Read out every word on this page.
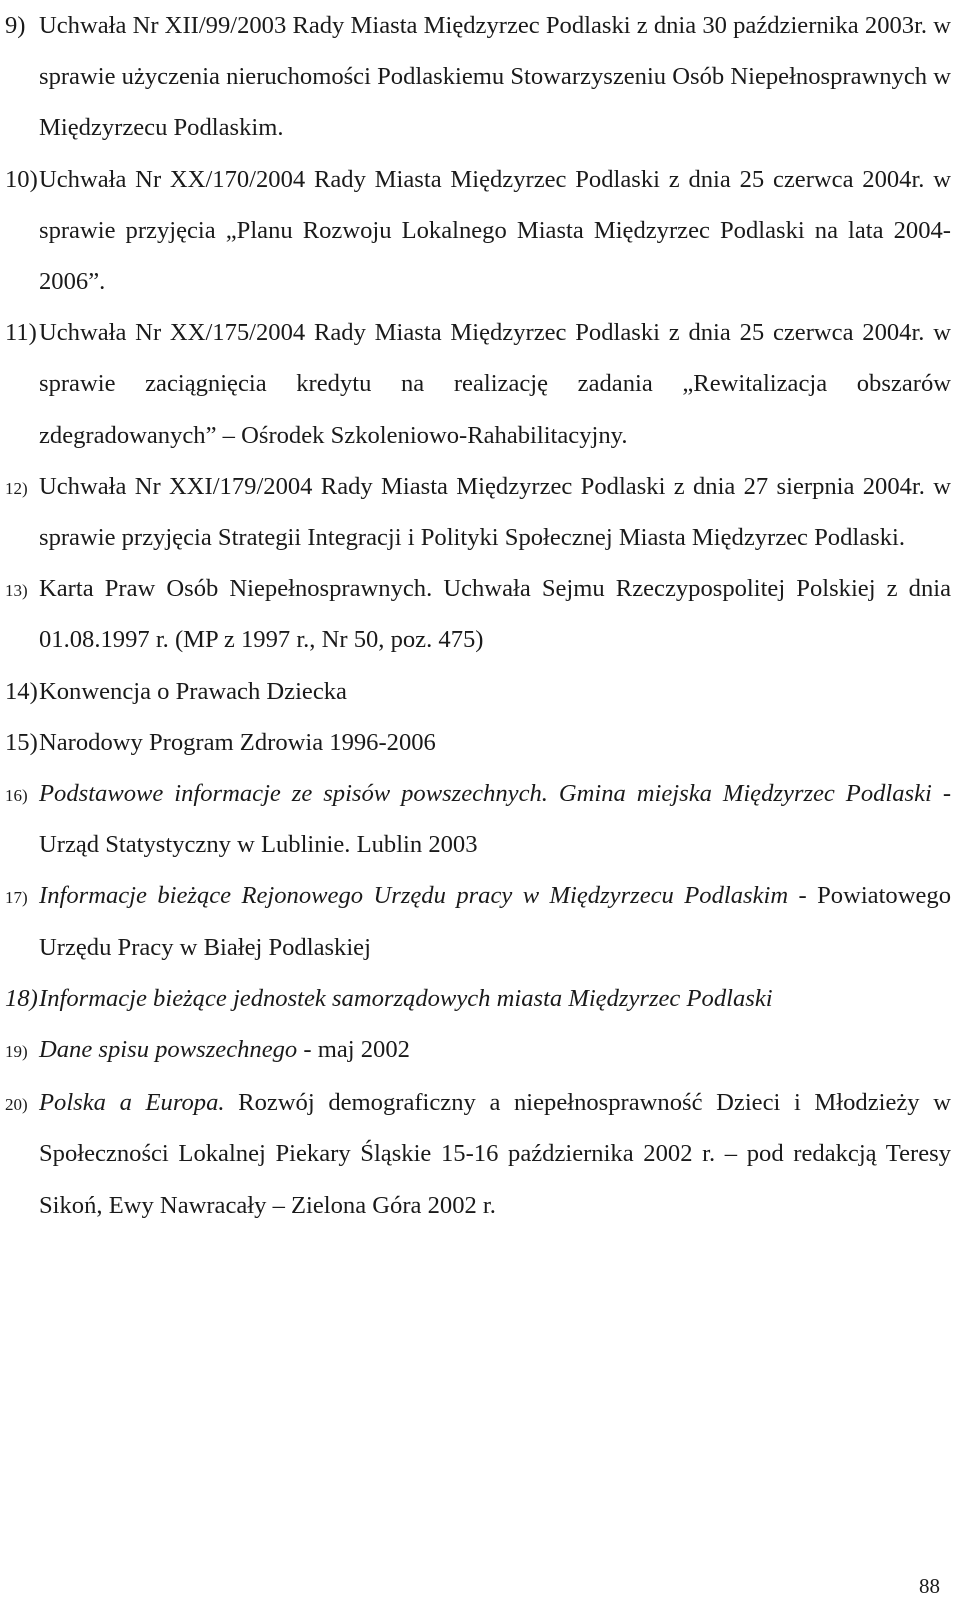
9) Uchwała Nr XII/99/2003 Rady Miasta Międzyrzec Podlaski z dnia 30 października 2003r. w sprawie użyczenia nieruchomości Podlaskiemu Stowarzyszeniu Osób Niepełnosprawnych w Międzyrzecu Podlaskim.
10) Uchwała Nr XX/170/2004 Rady Miasta Międzyrzec Podlaski z dnia 25 czerwca 2004r. w sprawie przyjęcia „Planu Rozwoju Lokalnego Miasta Międzyrzec Podlaski na lata 2004-2006”.
11) Uchwała Nr XX/175/2004 Rady Miasta Międzyrzec Podlaski z dnia 25 czerwca 2004r. w sprawie zaciągnięcia kredytu na realizację zadania „Rewitalizacja obszarów zdegradowanych” – Ośrodek Szkoleniowo-Rahabilitacyjny.
12) Uchwała Nr XXI/179/2004 Rady Miasta Międzyrzec Podlaski z dnia 27 sierpnia 2004r. w sprawie przyjęcia Strategii Integracji i Polityki Społecznej Miasta Międzyrzec Podlaski.
13) Karta Praw Osób Niepełnosprawnych. Uchwała Sejmu Rzeczypospolitej Polskiej z dnia 01.08.1997 r. (MP z 1997 r., Nr 50, poz. 475)
14) Konwencja o Prawach Dziecka
15) Narodowy Program Zdrowia 1996-2006
16) Podstawowe informacje ze spisów powszechnych. Gmina miejska Międzyrzec Podlaski - Urząd Statystyczny w Lublinie. Lublin 2003
17) Informacje bieżące Rejonowego Urzędu pracy w Międzyrzecu Podlaskim - Powiatowego Urzędu Pracy w Białej Podlaskiej
18) Informacje bieżące jednostek samorządowych miasta Międzyrzec Podlaski
19) Dane spisu powszechnego - maj 2002
20) Polska a Europa. Rozwój demograficzny a niepełnosprawność Dzieci i Młodzieży w Społeczności Lokalnej Piekary Śląskie 15-16 października 2002 r. – pod redakcją Teresy Sikoń, Ewy Nawracały – Zielona Góra 2002 r.
88
